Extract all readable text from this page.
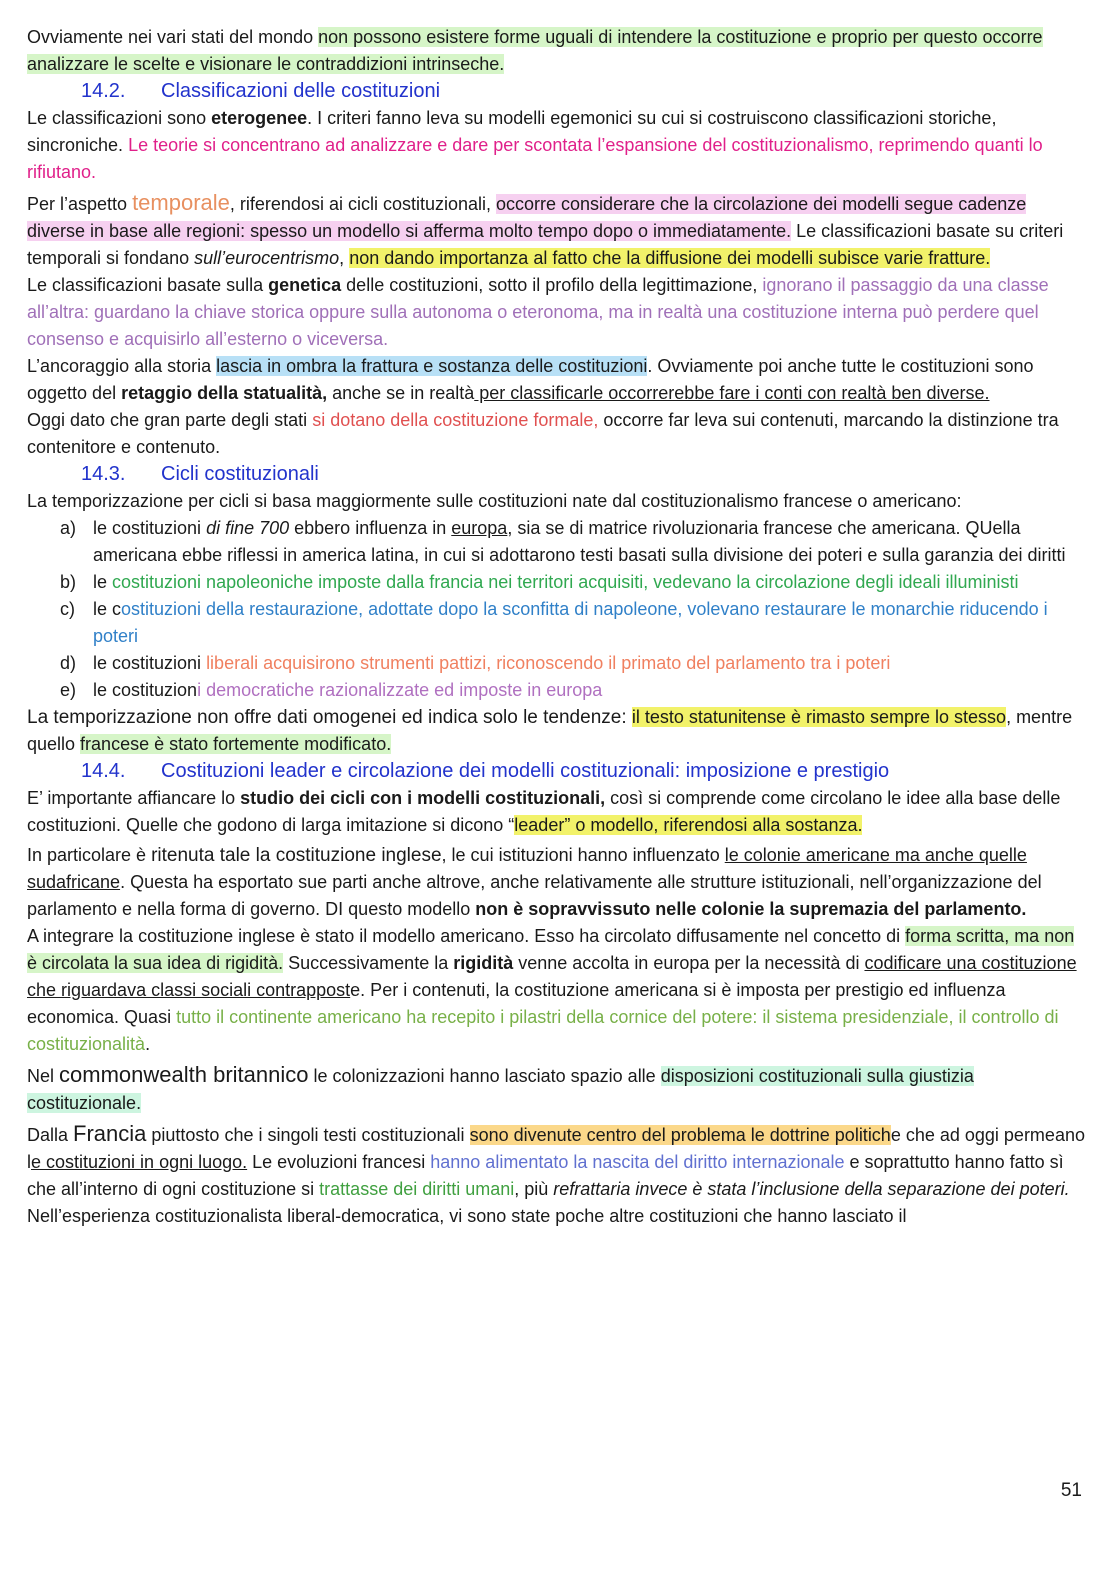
Ovviamente nei vari stati del mondo non possono esistere forme uguali di intendere la costituzione e proprio per questo occorre analizzare le scelte e visionare le contraddizioni intrinseche.

14.2. Classificazioni delle costituzioni

Le classificazioni sono eterogenee. I criteri fanno leva su modelli egemonici su cui si costruiscono classificazioni storiche, sincroniche. Le teorie si concentrano ad analizzare e dare per scontata l’espansione del costituzionalismo, reprimendo quanti lo rifiutano.

Per l’aspetto temporale, riferendosi ai cicli costituzionali, occorre considerare che la circolazione dei modelli segue cadenze diverse in base alle regioni: spesso un modello si afferma molto tempo dopo o immediatamente. Le classificazioni basate su criteri temporali si fondano sull’eurocentrismo, non dando importanza al fatto che la diffusione dei modelli subisce varie fratture.

Le classificazioni basate sulla genetica delle costituzioni, sotto il profilo della legittimazione, ignorano il passaggio da una classe all’altra: guardano la chiave storica oppure sulla autonoma o eteronoma, ma in realtà una costituzione interna può perdere quel consenso e acquisirlo all’esterno o viceversa.

L’ancoraggio alla storia lascia in ombra la frattura e sostanza delle costituzioni. Ovviamente poi anche tutte le costituzioni sono oggetto del retaggio della statualità, anche se in realtà per classificarle occorrerebbe fare i conti con realtà ben diverse.

Oggi dato che gran parte degli stati si dotano della costituzione formale, occorre far leva sui contenuti, marcando la distinzione tra contenitore e contenuto.

14.3. Cicli costituzionali

La temporizzazione per cicli si basa maggiormente sulle costituzioni nate dal costituzionalismo francese o americano:

a) le costituzioni di fine 700 ebbero influenza in europa, sia se di matrice rivoluzionaria francese che americana. QUella americana ebbe riflessi in america latina, in cui si adottarono testi basati sulla divisione dei poteri e sulla garanzia dei diritti
b) le costituzioni napoleoniche imposte dalla francia nei territori acquisiti, vedevano la circolazione degli ideali illuministi
c) le costituzioni della restaurazione, adottate dopo la sconfitta di napoleone, volevano restaurare le monarchie riducendo i poteri
d) le costituzioni liberali acquisirono strumenti pattizi, riconoscendo il primato del parlamento tra i poteri
e) le costituzioni democratiche razionalizzate ed imposte in europa

La temporizzazione non offre dati omogenei ed indica solo le tendenze: il testo statunitense è rimasto sempre lo stesso, mentre quello francese è stato fortemente modificato.

14.4. Costituzioni leader e circolazione dei modelli costituzionali: imposizione e prestigio

E’ importante affiancare lo studio dei cicli con i modelli costituzionali, così si comprende come circolano le idee alla base delle costituzioni. Quelle che godono di larga imitazione si dicono “leader” o modello, riferendosi alla sostanza.

In particolare è ritenuta tale la costituzione inglese, le cui istituzioni hanno influenzato le colonie americane ma anche quelle sudafricane. Questa ha esportato sue parti anche altrove, anche relativamente alle strutture istituzionali, nell’organizzazione del parlamento e nella forma di governo. DI questo modello non è sopravvissuto nelle colonie la supremazia del parlamento.

A integrare la costituzione inglese è stato il modello americano. Esso ha circolato diffusamente nel concetto di forma scritta, ma non è circolata la sua idea di rigidità. Successivamente la rigidità venne accolta in europa per la necessità di codificare una costituzione che riguardava classi sociali contrapposte. Per i contenuti, la costituzione americana si è imposta per prestigio ed influenza economica. Quasi tutto il continente americano ha recepito i pilastri della cornice del potere: il sistema presidenziale, il controllo di costituzionalità.

Nel commonwealth britannico le colonizzazioni hanno lasciato spazio alle disposizioni costituzionali sulla giustizia costituzionale.

Dalla Francia piuttosto che i singoli testi costituzionali sono divenute centro del problema le dottrine politiche che ad oggi permeano le costituzioni in ogni luogo. Le evoluzioni francesi hanno alimentato la nascita del diritto internazionale e soprattutto hanno fatto sì che all’interno di ogni costituzione si trattasse dei diritti umani, più refrattaria invece è stata l’inclusione della separazione dei poteri.

Nell’esperienza costituzionalista liberal-democratica, vi sono state poche altre costituzioni che hanno lasciato il

51
